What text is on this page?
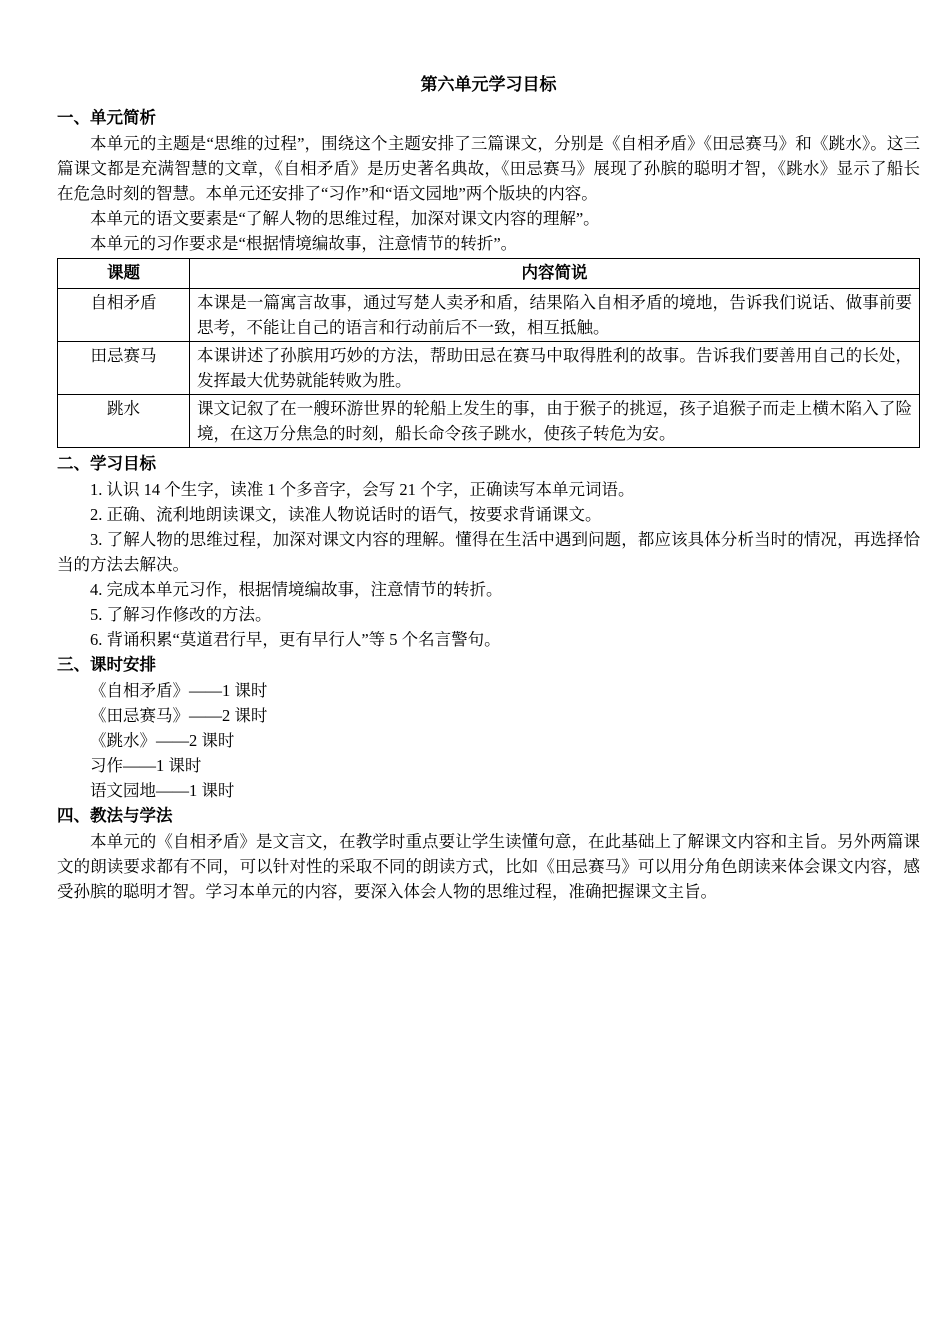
第六单元学习目标
一、单元简析

本单元的主题是“思维的过程”，围绕这个主题安排了三篇课文，分别是《自相矛盾》《田忌赛马》和《跳水》。这三篇课文都是充满智慧的文章，《自相矛盾》是历史著名典故，《田忌赛马》展现了孙膑的聪明才智，《跳水》显示了船长在危急时刻的智慧。本单元还安排了“习作”和“语文园地”两个版块的内容。

本单元的语文要素是“了解人物的思维过程，加深对课文内容的理解”。

本单元的习作要求是“根据情境编故事，注意情节的转折”。

课题	内容简说
自相矛盾	本课是一篇寓言故事，通过写楚人卖矛和盾，结果陷入自相矛盾的境地，告诉我们说话、做事前要思考，不能让自己的语言和行动前后不一致，相互抵触。
田忌赛马	本课讲述了孙膑用巧妙的方法，帮助田忌在赛马中取得胜利的故事。告诉我们要善用自己的长处，发挥最大优势就能转败为胜。
跳水	课文记叙了在一艘环游世界的轮船上发生的事，由于猴子的挑逗，孩子追猴子而走上横木陷入了险境，在这万分焦急的时刻，船长命令孩子跳水，使孩子转危为安。
二、学习目标

1. 认识 14 个生字，读准 1 个多音字，会写 21 个字，正确读写本单元词语。

2. 正确、流利地朗读课文，读准人物说话时的语气，按要求背诵课文。

3. 了解人物的思维过程，加深对课文内容的理解。懂得在生活中遇到问题，都应该具体分析当时的情况，再选择恰当的方法去解决。

4. 完成本单元习作，根据情境编故事，注意情节的转折。

5. 了解习作修改的方法。

6. 背诵积累“莫道君行早，更有早行人”等 5 个名言警句。

三、课时安排

《自相矛盾》——1 课时

《田忌赛马》——2 课时

《跳水》——2 课时

习作——1 课时

语文园地——1 课时

四、教法与学法

本单元的《自相矛盾》是文言文，在教学时重点要让学生读懂句意，在此基础上了解课文内容和主旨。另外两篇课文的朗读要求都有不同，可以针对性的采取不同的朗读方式，比如《田忌赛马》可以用分角色朗读来体会课文内容，感受孙膑的聪明才智。学习本单元的内容，要深入体会人物的思维过程，准确把握课文主旨。
